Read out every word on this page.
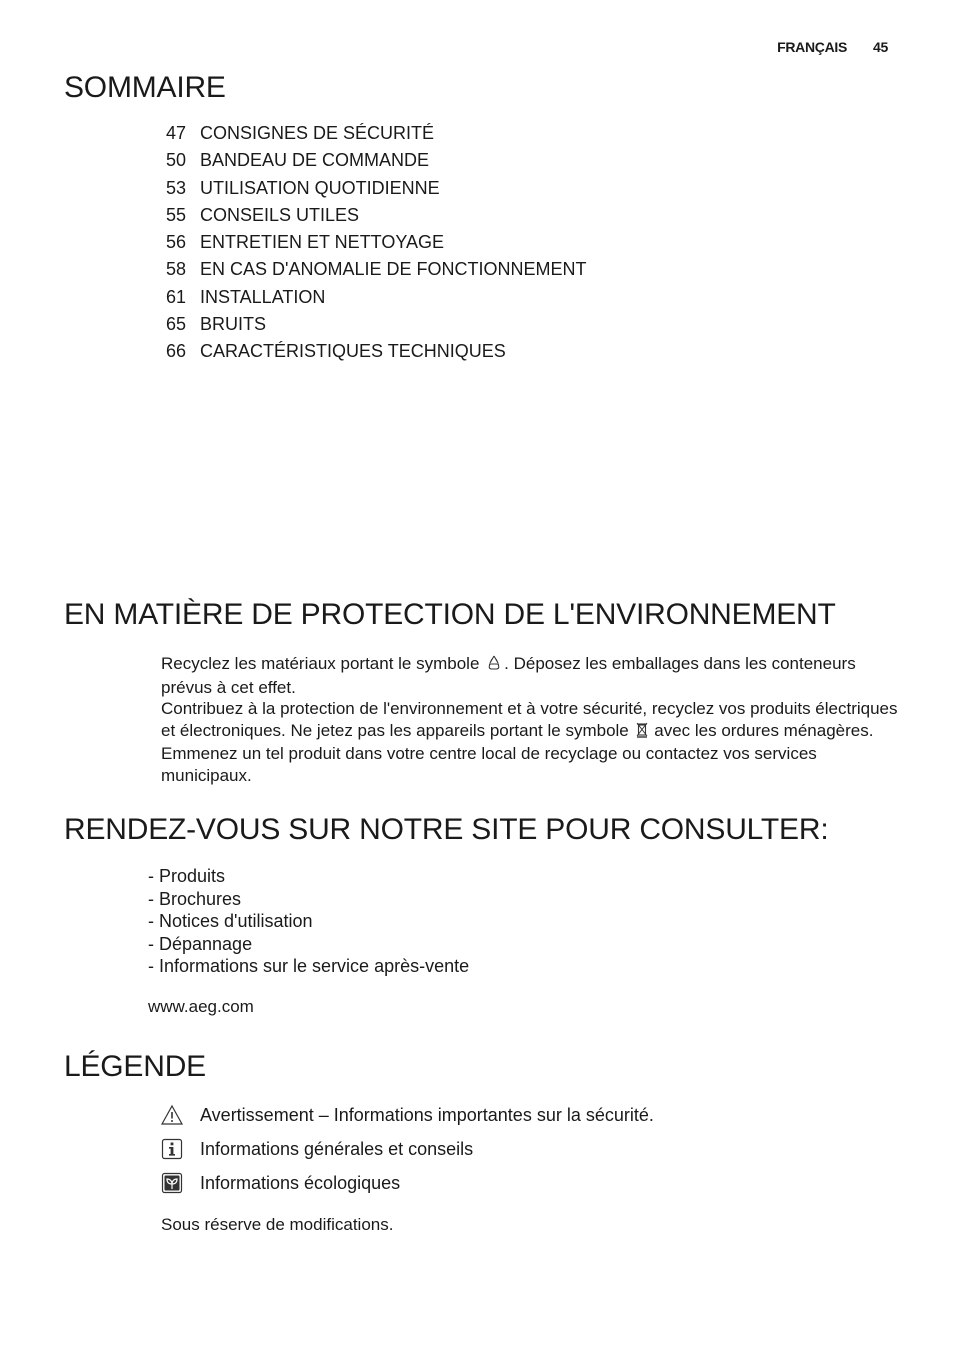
FRANÇAIS 45
SOMMAIRE
47 CONSIGNES DE SÉCURITÉ
50 BANDEAU DE COMMANDE
53 UTILISATION QUOTIDIENNE
55 CONSEILS UTILES
56 ENTRETIEN ET NETTOYAGE
58 EN CAS D'ANOMALIE DE FONCTIONNEMENT
61 INSTALLATION
65 BRUITS
66 CARACTÉRISTIQUES TECHNIQUES
EN MATIÈRE DE PROTECTION DE L'ENVIRONNEMENT
Recyclez les matériaux portant le symbole . Déposez les emballages dans les conteneurs prévus à cet effet.
Contribuez à la protection de l'environnement et à votre sécurité, recyclez vos produits électriques et électroniques. Ne jetez pas les appareils portant le symbole avec les ordures ménagères. Emmenez un tel produit dans votre centre local de recyclage ou contactez vos services municipaux.
RENDEZ-VOUS SUR NOTRE SITE POUR CONSULTER:
- Produits
- Brochures
- Notices d'utilisation
- Dépannage
- Informations sur le service après-vente
www.aeg.com
LÉGENDE
Avertissement – Informations importantes sur la sécurité.
Informations générales et conseils
Informations écologiques
Sous réserve de modifications.
